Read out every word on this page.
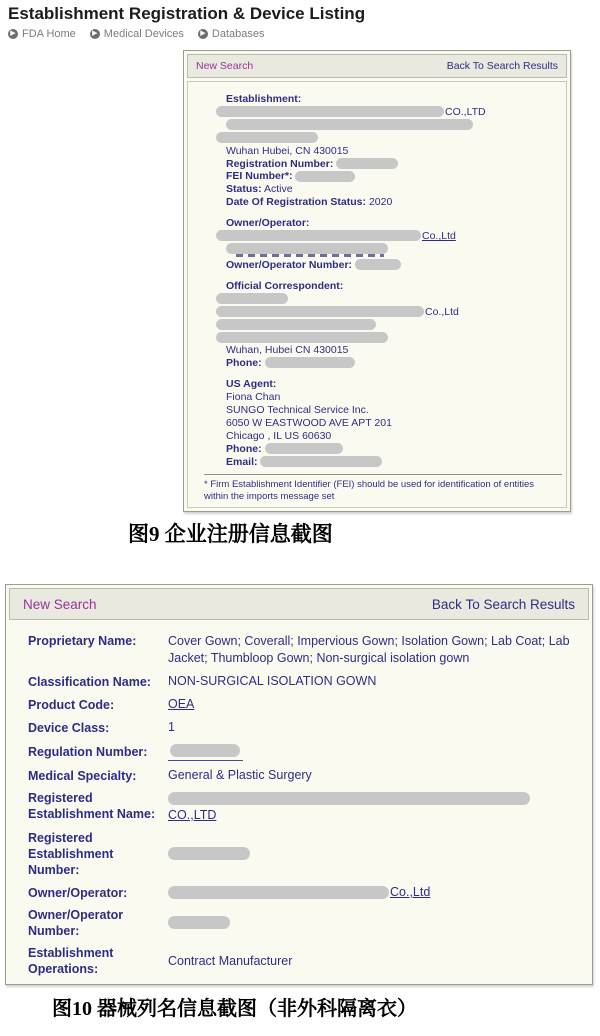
Establishment Registration & Device Listing
▶ FDA Home	▶ Medical Devices	▶ Databases
New Search	Back To Search Results
Establishment:
CO.,LTD
Wuhan Hubei, CN 430015
Registration Number:
FEI Number*:
Status: Active
Date Of Registration Status: 2020
Owner/Operator:
Co.,Ltd
Owner/Operator Number:
Official Correspondent:
Co.,Ltd
Wuhan, Hubei CN 430015
Phone:
US Agent:
Fiona Chan
SUNGO Technical Service Inc.
6050 W EASTWOOD AVE APT 201
Chicago , IL US 60630
Phone:
Email:
* Firm Establishment Identifier (FEI) should be used for identification of entities within the imports message set
图9 企业注册信息截图
New Search	Back To Search Results
Proprietary Name:	Cover Gown; Coverall; Impervious Gown; Isolation Gown; Lab Coat; Lab Jacket; Thumbloop Gown; Non-surgical isolation gown
Classification Name:	NON-SURGICAL ISOLATION GOWN
Product Code:	OEA
Device Class:	1
Regulation Number:
Medical Specialty:	General & Plastic Surgery
Registered Establishment Name:	CO.,LTD
Registered Establishment Number:
Owner/Operator:	Co.,Ltd
Owner/Operator Number:
Establishment Operations:
Contract Manufacturer
图10 器械列名信息截图（非外科隔离衣）
